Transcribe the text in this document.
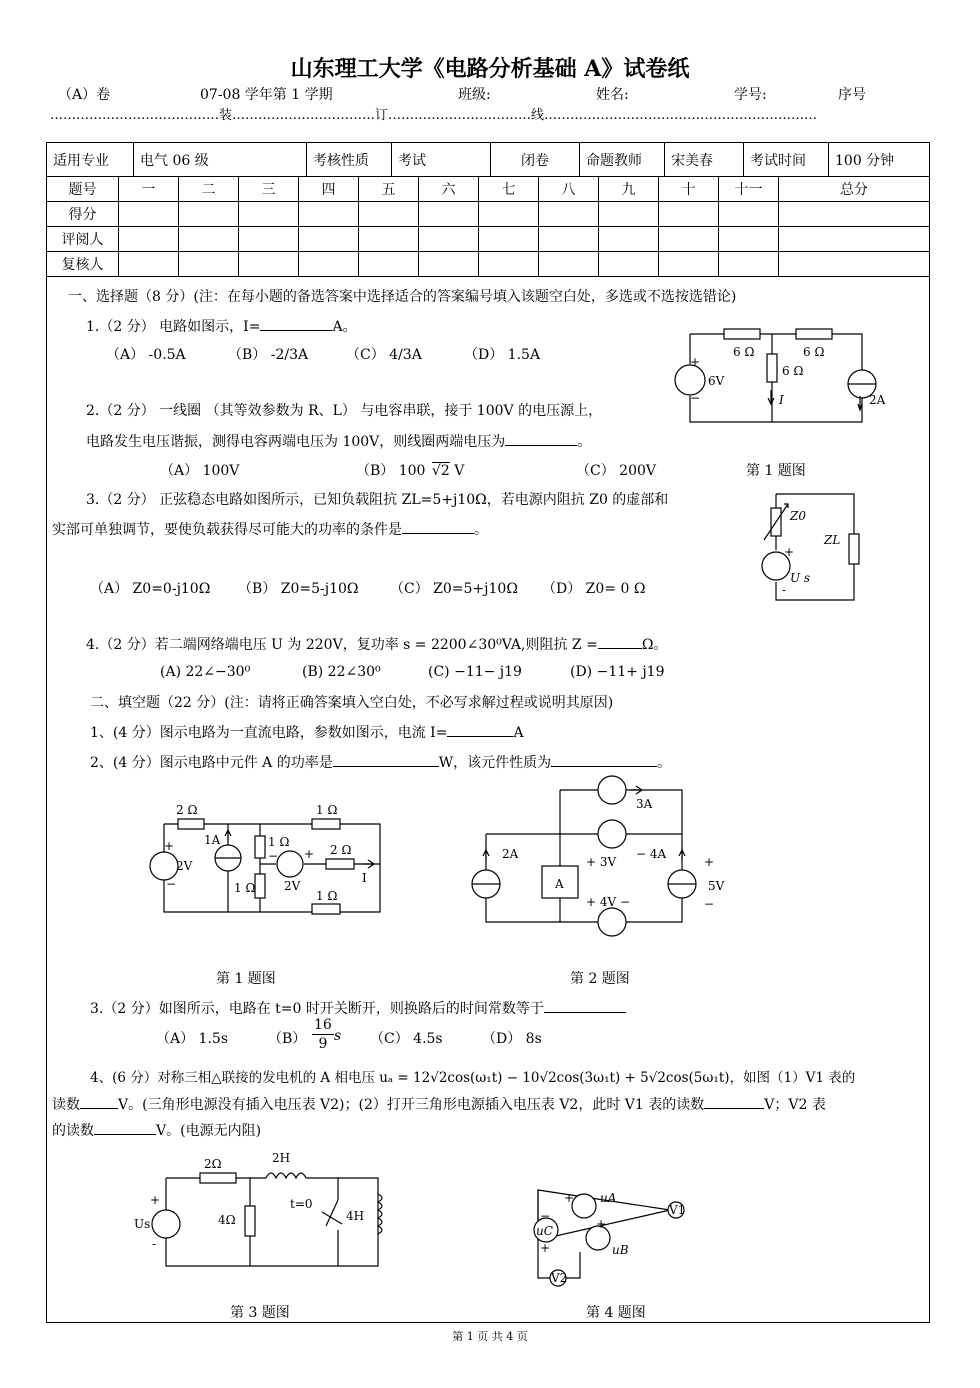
山东理工大学《电路分析基础 A》试卷纸
（A）卷	07-08 学年第 1 学期	班级:	姓名:	学号:	序号
…………………………………装……………………………订……………………………线………………………………………………………
适用专业	电气 06 级	考核性质	考试	闭卷	命题教师	宋美春	考试时间	100 分钟
题号	一	二	三	四	五	六	七	八	九	十	十一	总分
得分												
评阅人												
复核人												
一、选择题（8 分）(注：在每小题的备选答案中选择适合的答案编号填入该题空白处，多选或不选按选错论)
1.（2 分） 电路如图示，I=	A。
（A） -0.5A	（B） -2/3A	（C） 4/3A	（D） 1.5A	6 Ω	6 Ω
6 Ω
6V
+
−	2A
I
2.（2 分） 一线圈 （其等效参数为 R、L） 与电容串联，接于 100V 的电压源上，
电路发生电压谐振，测得电容两端电压为 100V，则线圈两端电压为	。
（A） 100V	（B） 100 √2 V	（C） 200V	第 1 题图
3.（2 分） 正弦稳态电路如图所示，已知负载阻抗 ZL=5+j10Ω，若电源内阻抗 Z0 的虚部和
实部可单独调节，要使负载获得尽可能大的功率的条件是	。
（A） Z0=0-j10Ω （B） Z0=5-j10Ω （C） Z0=5+j10Ω （D） Z0= 0 Ω
Z0
ZL
+
U s
-
4.（2 分）若二端网络端电压 U 为 220V，复功率 s = 2200∠30⁰VA,则阻抗 Z =	Ω。
(A) 22∠−30⁰	(B) 22∠30⁰	(C) −11− j19	(D) −11+ j19
二、填空题（22 分）(注：请将正确答案填入空白处，不必写求解过程或说明其原因)
1、(4 分）图示电路为一直流电路，参数如图示，电流 I=	A
2、(4 分）图示电路中元件 A 的功率是	W，该元件性质为	。
2 Ω	1 Ω
1 Ω
1 Ω
1 Ω
2 Ω
1A
2V
2V
I
+
−
− +
3A
2A
+ 3V
− 4A
+ 4V −
+
5V
−
A
第 1 题图	第 2 题图
3.（2 分）如图所示，电路在 t=0 时开关断开，则换路后的时间常数等于
（A） 1.5s	$(B) \frac{16}{9}$ s （C） 4.5s	（D） 8s
4、(6 分）对称三相△联接的发电机的 A 相电压 uₐ = 12√2cos(ω₁t) − 10√2cos(3ω₁t) + 5√2cos(5ω₁t)，如图（1）V1 表的
读数	V。(三角形电源没有插入电压表 V2)；(2）打开三角形电源插入电压表 V2，此时 V1 表的读数	V；V2 表
的读数	V。(电源无内阻)
2Ω	2H
4Ω
t=0
4H
Us
+
-
+ uA
+
uB
−
uC
+
V1
V2
第 3 题图	第 4 题图
第 1 页 共 4 页
